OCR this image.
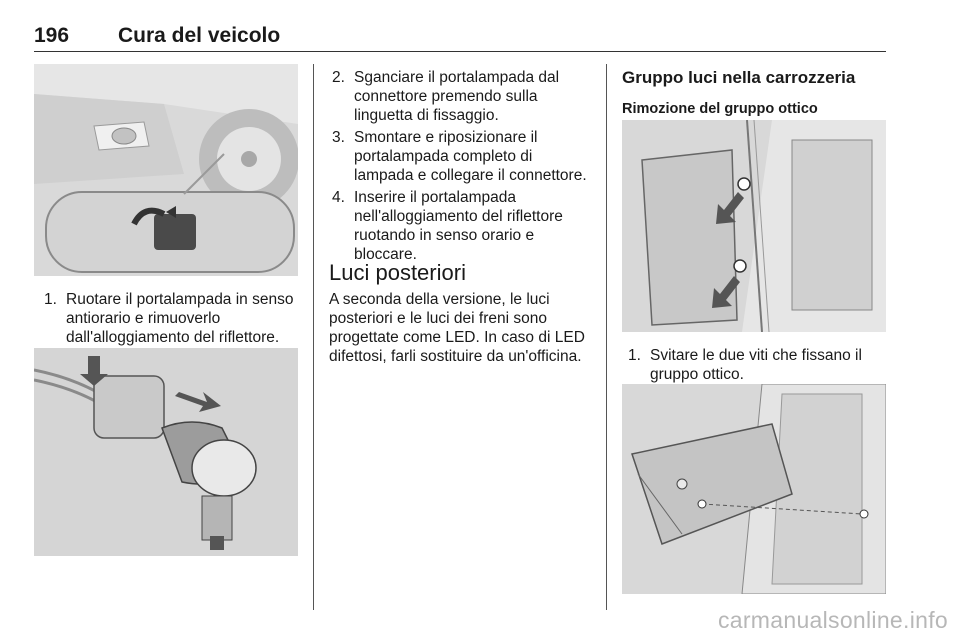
196 Cura del veicolo
1. Ruotare il portalampada in senso antiorario e rimuoverlo dall'alloggiamento del riflettore.
2. Sganciare il portalampada dal connettore premendo sulla linguetta di fissaggio.
3. Smontare e riposizionare il portalampada completo di lampada e collegare il connettore.
4. Inserire il portalampada nell'alloggiamento del riflettore ruotando in senso orario e bloccare.
Luci posteriori
A seconda della versione, le luci posteriori e le luci dei freni sono progettate come LED. In caso di LED difettosi, farli sostituire da un'officina.
Gruppo luci nella carrozzeria
Rimozione del gruppo ottico
1. Svitare le due viti che fissano il gruppo ottico.
carmanualsonline.info
